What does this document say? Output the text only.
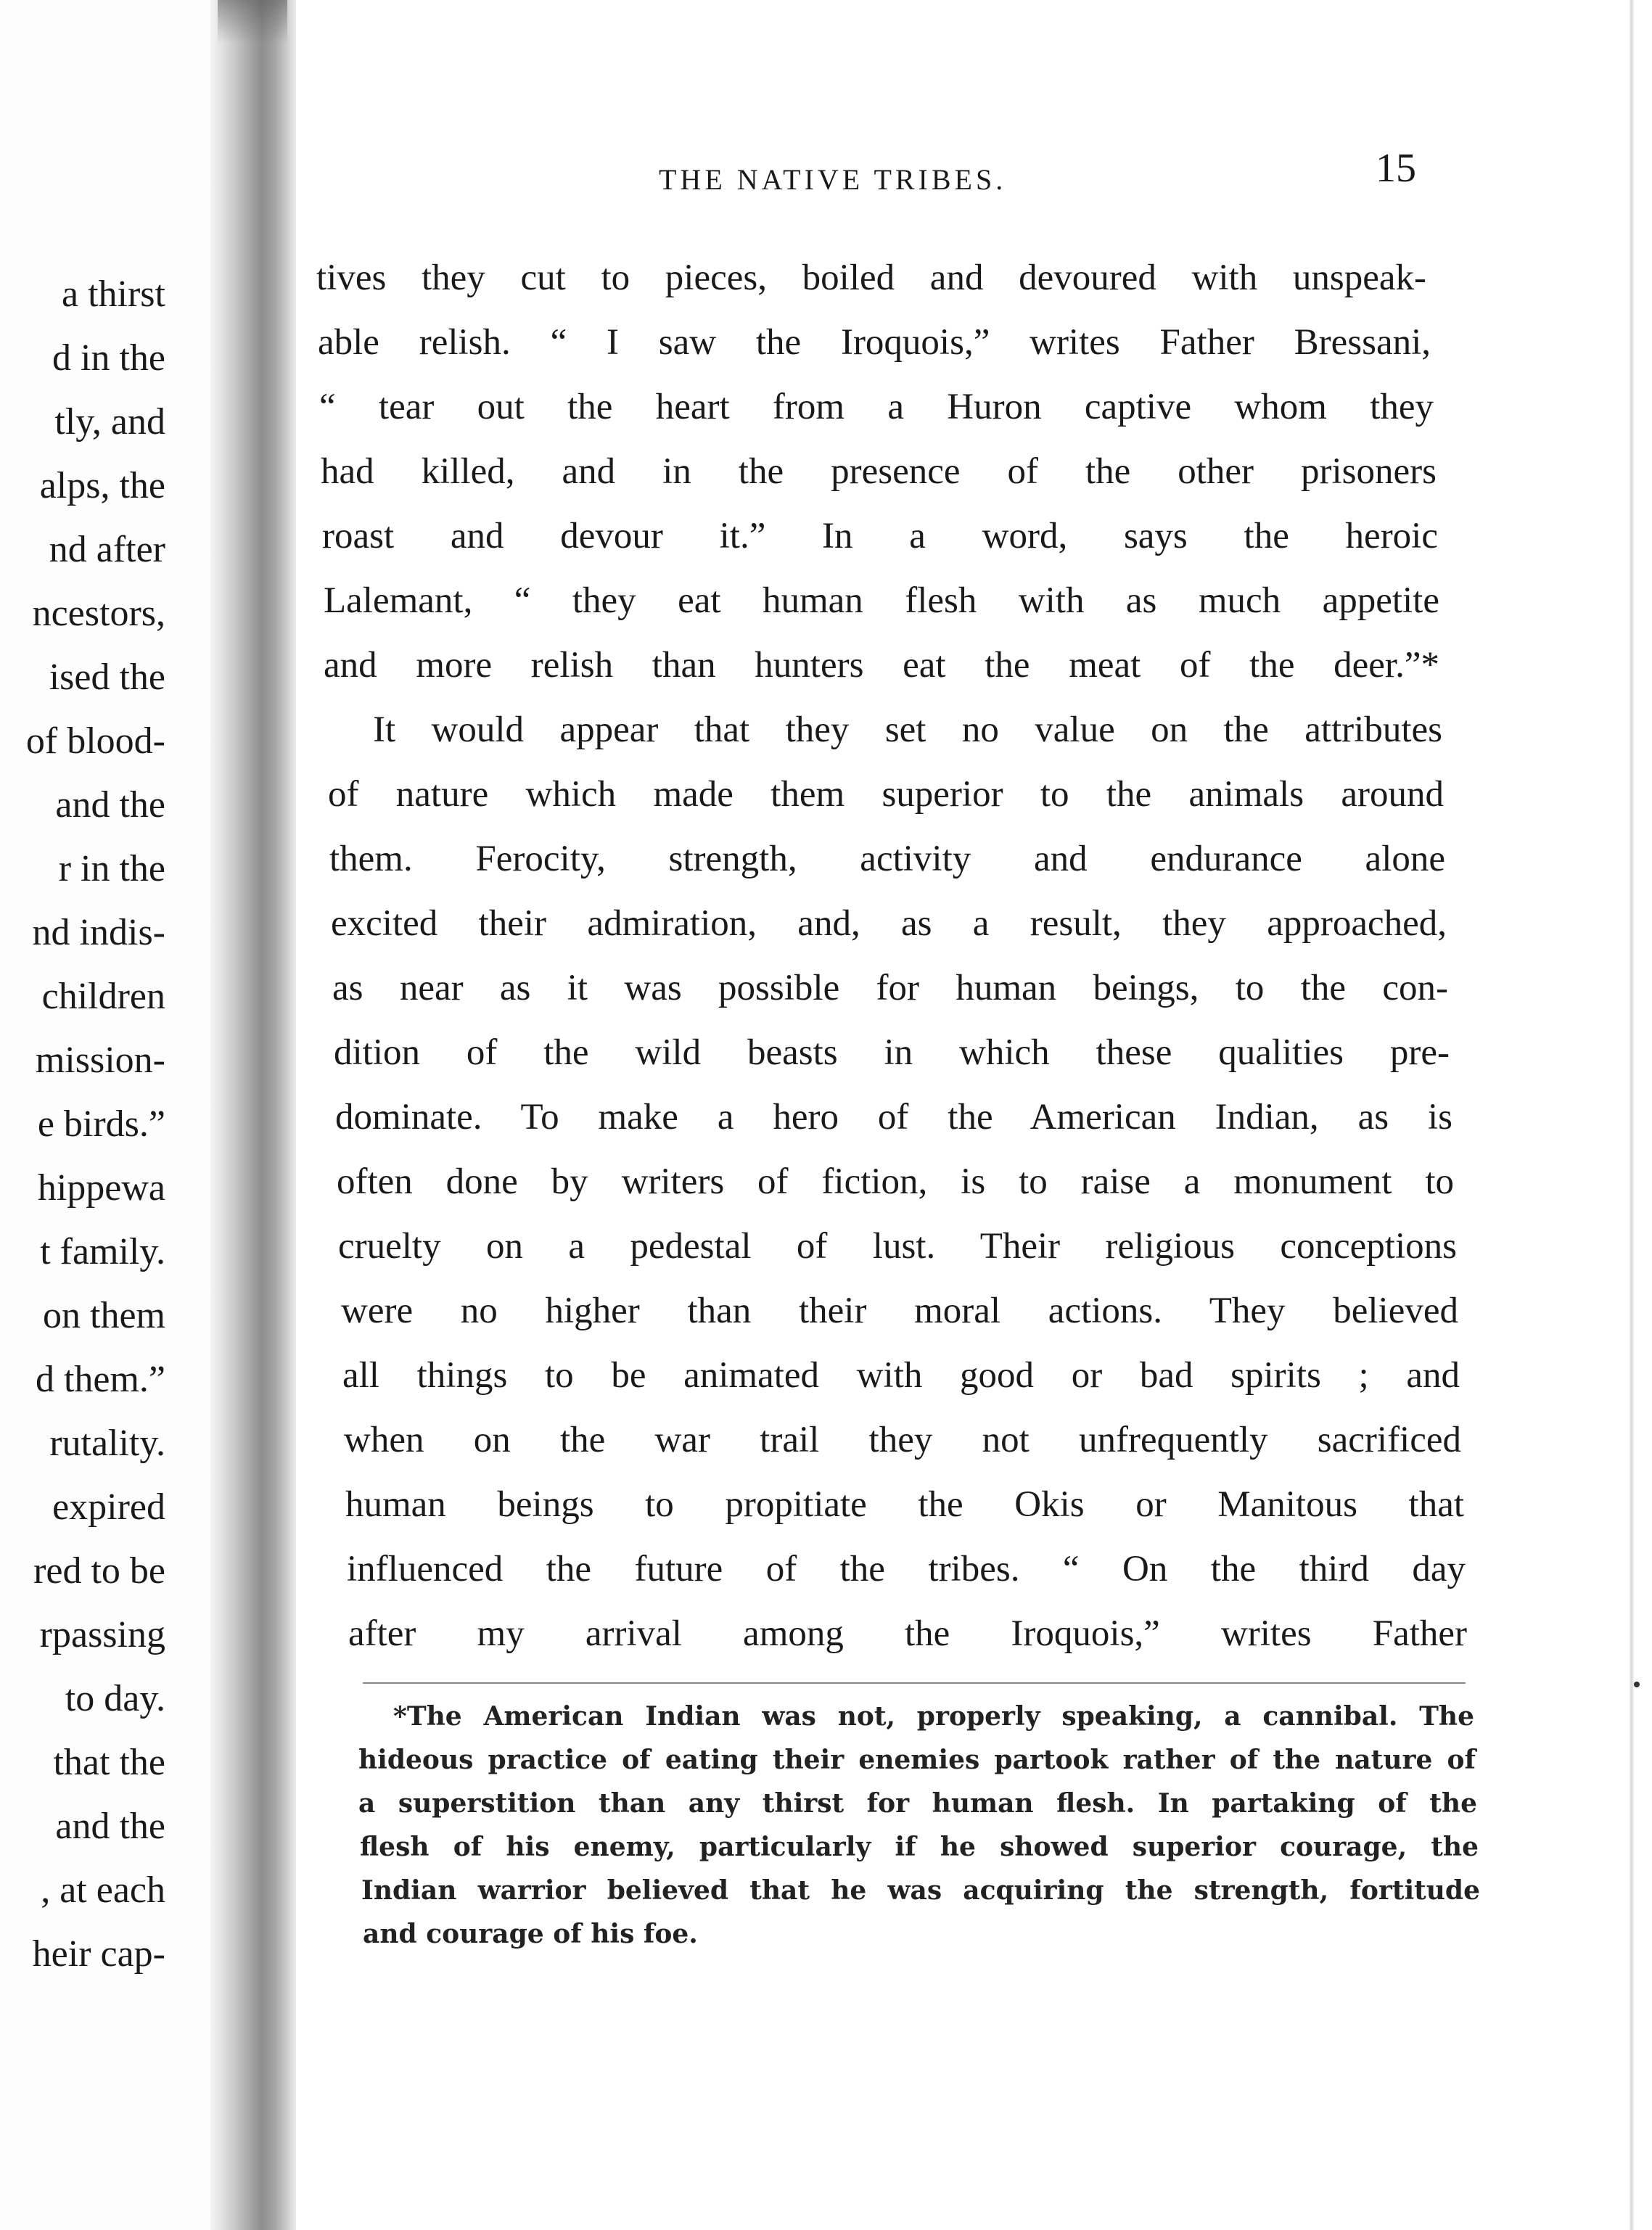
a thirst
d in the
tly, and
alps, the
nd after
ncestors,
ised the
of blood-
and the
r in the
nd indis-
children
mission-
e birds.”
hippewa
t family.
on them
d them.”
rutality.
expired
red to be
rpassing
to day.
that the
and the
, at each
heir cap-
THE NATIVE TRIBES.	15
tives they cut to pieces, boiled and devoured with unspeak-
able relish. “ I saw the Iroquois,” writes Father Bressani,
“ tear out the heart from a Huron captive whom they
had killed, and in the presence of the other prisoners
roast and devour it.” In a word, says the heroic
Lalemant, “ they eat human flesh with as much appetite
and more relish than hunters eat the meat of the deer.”*
It would appear that they set no value on the attributes
of nature which made them superior to the animals around
them. Ferocity, strength, activity and endurance alone
excited their admiration, and, as a result, they approached,
as near as it was possible for human beings, to the con-
dition of the wild beasts in which these qualities pre-
dominate. To make a hero of the American Indian, as is
often done by writers of fiction, is to raise a monument to
cruelty on a pedestal of lust. Their religious conceptions
were no higher than their moral actions. They believed
all things to be animated with good or bad spirits ; and
when on the war trail they not unfrequently sacrificed
human beings to propitiate the Okis or Manitous that
influenced the future of the tribes. “ On the third day
after my arrival among the Iroquois,” writes Father
*The American Indian was not, properly speaking, a cannibal. The
hideous practice of eating their enemies partook rather of the nature of
a superstition than any thirst for human flesh. In partaking of the
flesh of his enemy, particularly if he showed superior courage, the
Indian warrior believed that he was acquiring the strength, fortitude
and courage of his foe.
